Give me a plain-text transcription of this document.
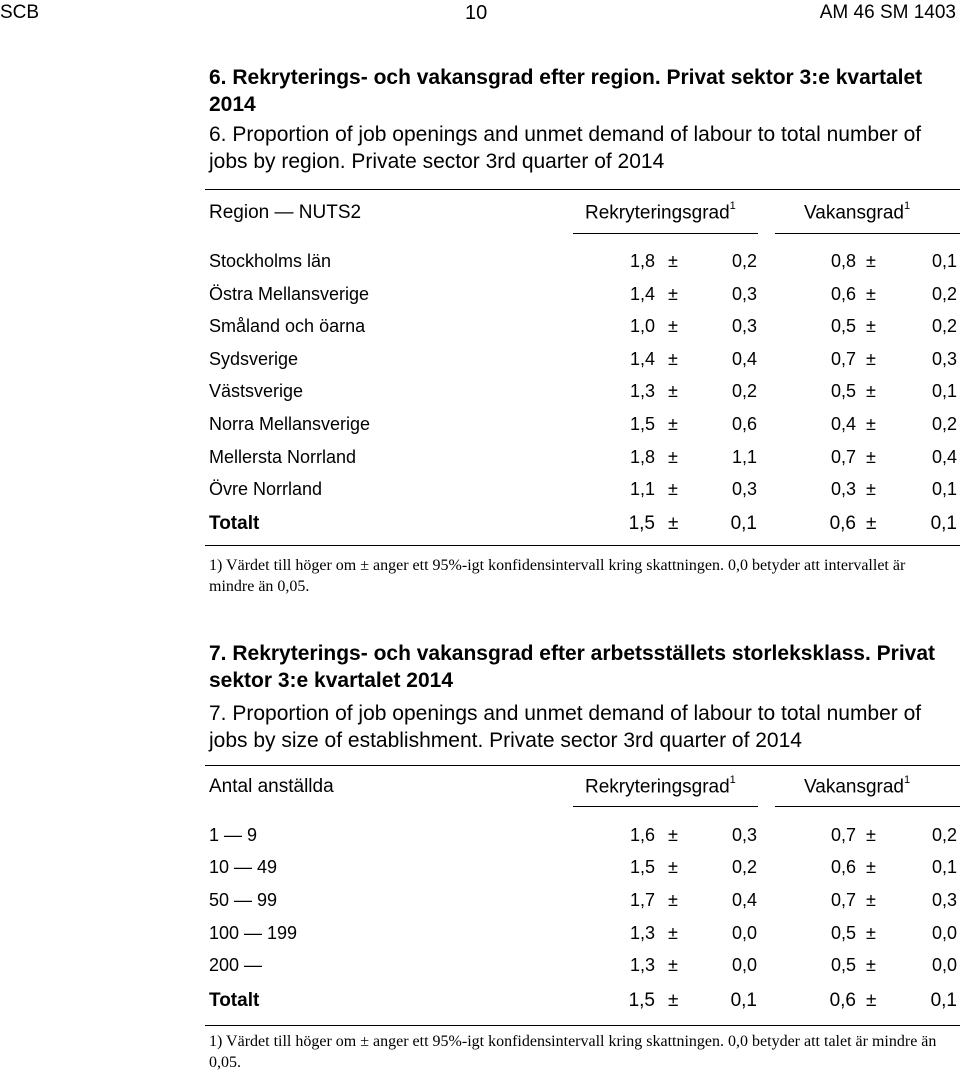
SCB	10	AM 46 SM 1403
6. Rekryterings- och vakansgrad efter region. Privat sektor 3:e kvartalet 2014
6. Proportion of job openings and unmet demand of labour to total number of jobs by region. Private sector 3rd quarter of 2014
Region — NUTS2	Rekryteringsgrad$^1$	Vakansgrad$^1$
Stockholms län	1,8 ±	0,2	0,8 ±	0,1
Östra Mellansverige	1,4 ±	0,3	0,6 ±	0,2
Småland och öarna	1,0 ±	0,3	0,5 ±	0,2
Sydsverige	1,4 ±	0,4	0,7 ±	0,3
Västsverige	1,3 ±	0,2	0,5 ±	0,1
Norra Mellansverige	1,5 ±	0,6	0,4 ±	0,2
Mellersta Norrland	1,8 ±	1,1	0,7 ±	0,4
Övre Norrland	1,1 ±	0,3	0,3 ±	0,1
Totalt	1,5 ±	0,1	0,6 ±	0,1
1) Värdet till höger om ± anger ett 95%-igt konfidensintervall kring skattningen. 0,0 betyder att intervallet är mindre än 0,05.
7. Rekryterings- och vakansgrad efter arbetsställets storleksklass. Privat sektor 3:e kvartalet 2014
7. Proportion of job openings and unmet demand of labour to total number of jobs by size of establishment. Private sector 3rd quarter of 2014
Antal anställda	Rekryteringsgrad$^1$	Vakansgrad$^1$
1 — 9	1,6 ±	0,3	0,7 ±	0,2
10 — 49	1,5 ±	0,2	0,6 ±	0,1
50 — 99	1,7 ±	0,4	0,7 ±	0,3
100 — 199	1,3 ±	0,0	0,5 ±	0,0
200 —	1,3 ±	0,0	0,5 ±	0,0
Totalt	1,5 ±	0,1	0,6 ±	0,1
1) Värdet till höger om ± anger ett 95%-igt konfidensintervall kring skattningen. 0,0 betyder att talet är mindre än 0,05.
